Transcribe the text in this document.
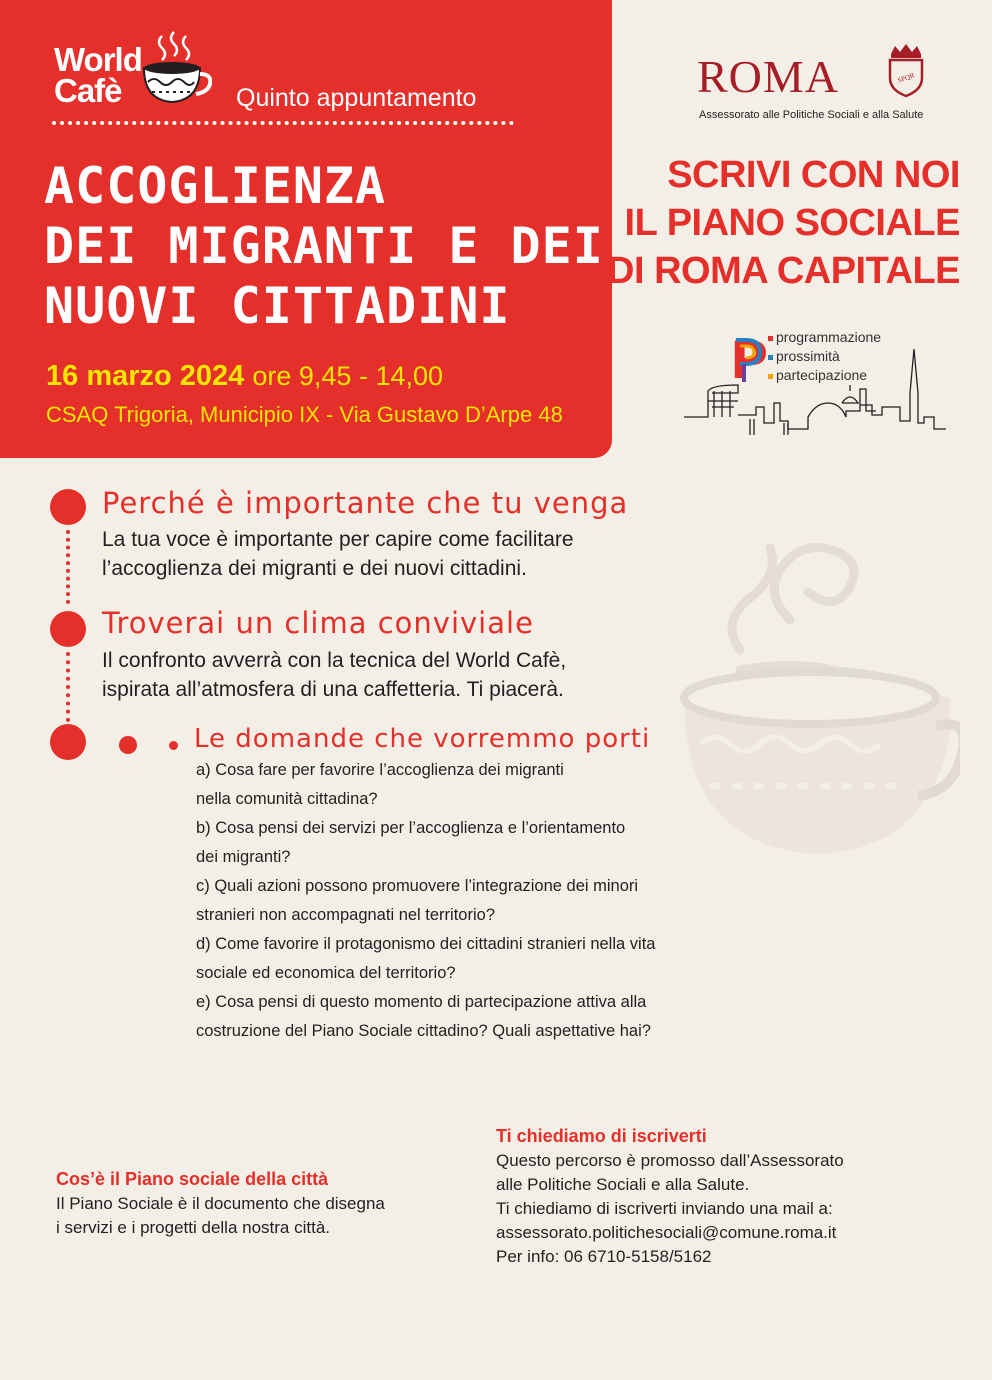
World
Cafè	Quinto appuntamento
ACCOGLIENZA
DEI MIGRANTI E DEI
NUOVI CITTADINI
16 marzo 2024 ore 9,45 - 14,00
CSAQ Trigoria, Municipio IX - Via Gustavo D’Arpe 48
ROMA	SPQR
Assessorato alle Politiche Sociali e alla Salute
SCRIVI CON NOI
IL PIANO SOCIALE
DI ROMA CAPITALE
P programmazione
prossimità
partecipazione
Perché è importante che tu venga
La tua voce è importante per capire come facilitare
l’accoglienza dei migranti e dei nuovi cittadini.
Troverai un clima conviviale
Il confronto avverrà con la tecnica del World Cafè,
ispirata all’atmosfera di una caffetteria. Ti piacerà.
Le domande che vorremmo porti
a) Cosa fare per favorire l’accoglienza dei migranti
nella comunità cittadina?
b) Cosa pensi dei servizi per l’accoglienza e l’orientamento
dei migranti?
c) Quali azioni possono promuovere l’integrazione dei minori
stranieri non accompagnati nel territorio?
d) Come favorire il protagonismo dei cittadini stranieri nella vita
sociale ed economica del territorio?
e) Cosa pensi di questo momento di partecipazione attiva alla
costruzione del Piano Sociale cittadino? Quali aspettative hai?
Cos’è il Piano sociale della città
Il Piano Sociale è il documento che disegna
i servizi e i progetti della nostra città.
Ti chiediamo di iscriverti
Questo percorso è promosso dall’Assessorato
alle Politiche Sociali e alla Salute.
Ti chiediamo di iscriverti inviando una mail a:
assessorato.politichesociali@comune.roma.it
Per info: 06 6710-5158/5162
